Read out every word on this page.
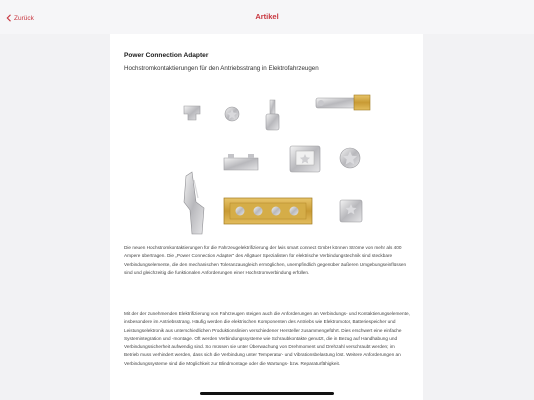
Zurück	Artikel
Power Connection Adapter
Hochstromkontaktierungen für den Antriebsstrang in Elektrofahrzeugen
Die neuen Hochstromkontaktierungen für die Fahrzeugelektrifizierung der lwis smart connect GmbH können Ströme von mehr als 400 Ampere übertragen. Die „Power Connection Adapter“ des Allgäuer Spezialisten für elektrische Verbindungstechnik sind steckbare Verbindungselemente, die den mechanischen Toleranzausgleich ermöglichen, unempfindlich gegenüber äußeren Umgebungseinflüssen sind und gleichzeitig die funktionalen Anforderungen einer Hochstromverbindung erfüllen.
Mit der der zunehmenden Elektrifizierung von Fahrzeugen steigen auch die Anforderungen an Verbindungs- und Kontaktierungselemente, insbesondere im Antriebsstrang. Häufig werden die elektrischen Komponenten des Antriebs wie Elektromotor, Batteriespeicher und Leistungselektronik aus unterschiedlichen Produktionslinien verschiedener Hersteller zusammengeführt. Dies erschwert eine einfache Systemintegration und -montage. Oft werden Verbindungssysteme wie Schraubkontakte genutzt, die in Bezug auf Handhabung und Verbindungssicherheit aufwendig sind. So müssen sie unter Überwachung von Drehmoment und Drehzahl verschraubt werden; im Betrieb muss verhindert werden, dass sich die Verbindung unter Temperatur- und Vibrationsbelastung löst. Weitere Anforderungen an Verbindungssysteme sind die Möglichkeit zur Blindmontage oder die Wartungs- bzw. Reparaturfähigkeit.
